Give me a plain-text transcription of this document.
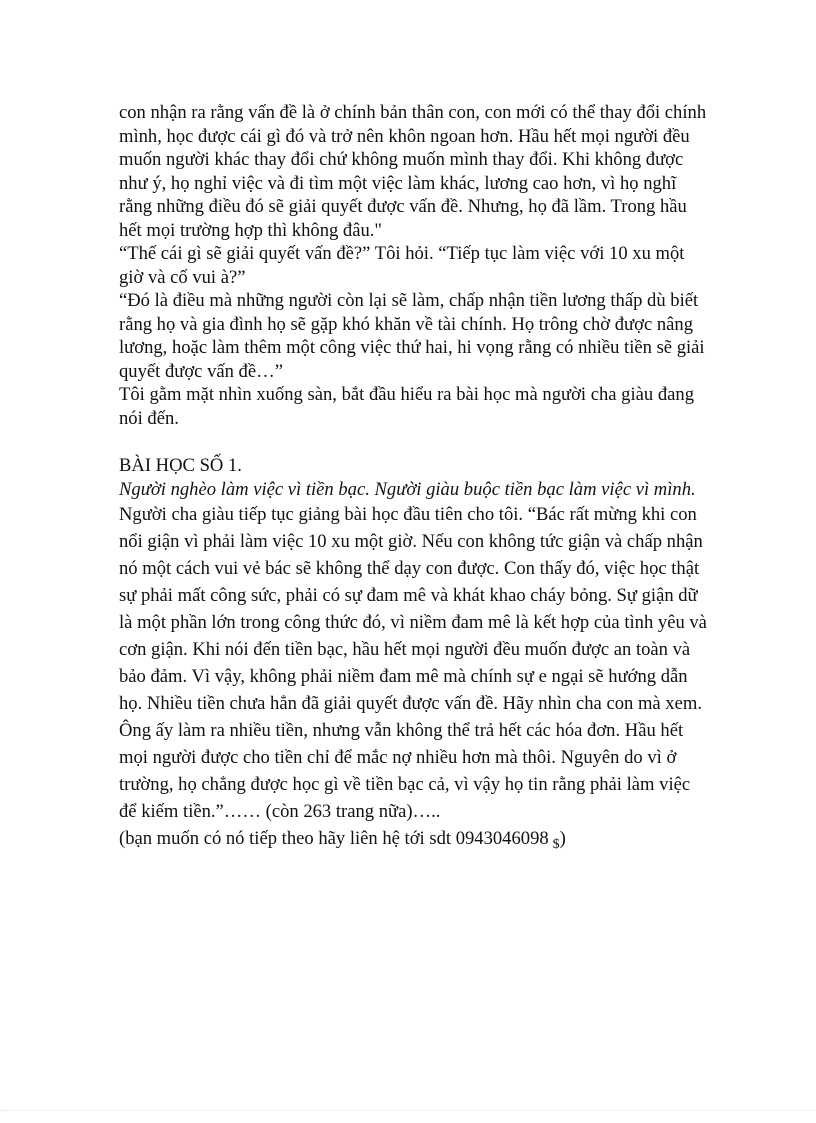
con nhận ra rằng vấn đề là ở chính bản thân con, con mới có thể thay đổi chính mình, học được cái gì đó và trở nên khôn ngoan hơn. Hầu hết mọi người đều muốn người khác thay đổi chứ không muốn mình thay đổi. Khi không được như ý, họ nghỉ việc và đi tìm một việc làm khác, lương cao hơn, vì họ nghĩ rằng những điều đó sẽ giải quyết được vấn đề. Nhưng, họ đã lầm. Trong hầu hết mọi trường hợp thì không đâu."

“Thế cái gì sẽ giải quyết vấn đề?” Tôi hỏi. “Tiếp tục làm việc với 10 xu một giờ và cố vui à?”

“Đó là điều mà những người còn lại sẽ làm, chấp nhận tiền lương thấp dù biết rằng họ và gia đình họ sẽ gặp khó khăn về tài chính. Họ trông chờ được nâng lương, hoặc làm thêm một công việc thứ hai, hi vọng rằng có nhiều tiền sẽ giải quyết được vấn đề…”

Tôi gằm mặt nhìn xuống sàn, bắt đầu hiểu ra bài học mà người cha giàu đang nói đến.

BÀI HỌC SỐ 1.

Người nghèo làm việc vì tiền bạc. Người giàu buộc tiền bạc làm việc vì mình.

Người cha giàu tiếp tục giảng bài học đầu tiên cho tôi. “Bác rất mừng khi con nổi giận vì phải làm việc 10 xu một giờ. Nếu con không tức giận và chấp nhận nó một cách vui vẻ bác sẽ không thể dạy con được. Con thấy đó, việc học thật sự phải mất công sức, phải có sự đam mê và khát khao cháy bỏng. Sự giận dữ là một phần lớn trong công thức đó, vì niềm đam mê là kết hợp của tình yêu và cơn giận. Khi nói đến tiền bạc, hầu hết mọi người đều muốn được an toàn và bảo đảm. Vì vậy, không phải niềm đam mê mà chính sự e ngại sẽ hướng dẫn họ. Nhiều tiền chưa hẳn đã giải quyết được vấn đề. Hãy nhìn cha con mà xem. Ông ấy làm ra nhiều tiền, nhưng vẫn không thể trả hết các hóa đơn. Hầu hết mọi người được cho tiền chỉ để mắc nợ nhiều hơn mà thôi. Nguyên do vì ở trường, họ chẳng được học gì về tiền bạc cả, vì vậy họ tin rằng phải làm việc để kiếm tiền.”…… (còn 263 trang nữa)…..
(bạn muốn có nó tiếp theo hãy liên hệ tới sdt 0943046098 $)
